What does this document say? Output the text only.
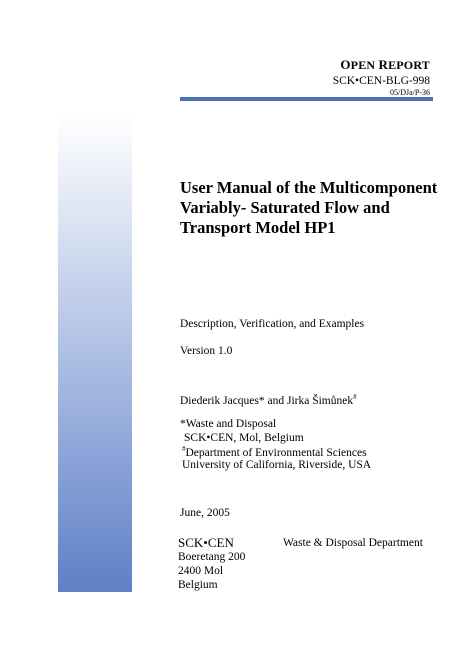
OPEN REPORT
SCK•CEN-BLG-998
05/DJa/P-36
User Manual of the Multicomponent
Variably- Saturated Flow and
Transport Model HP1
Description, Verification, and Examples
Version 1.0
Diederik Jacques* and Jirka Šimůnek#
*Waste and Disposal
SCK•CEN, Mol, Belgium
#Department of Environmental Sciences
University of California, Riverside, USA
June, 2005
SCK•CEN
Boeretang 200
2400 Mol
Belgium
Waste & Disposal Department
